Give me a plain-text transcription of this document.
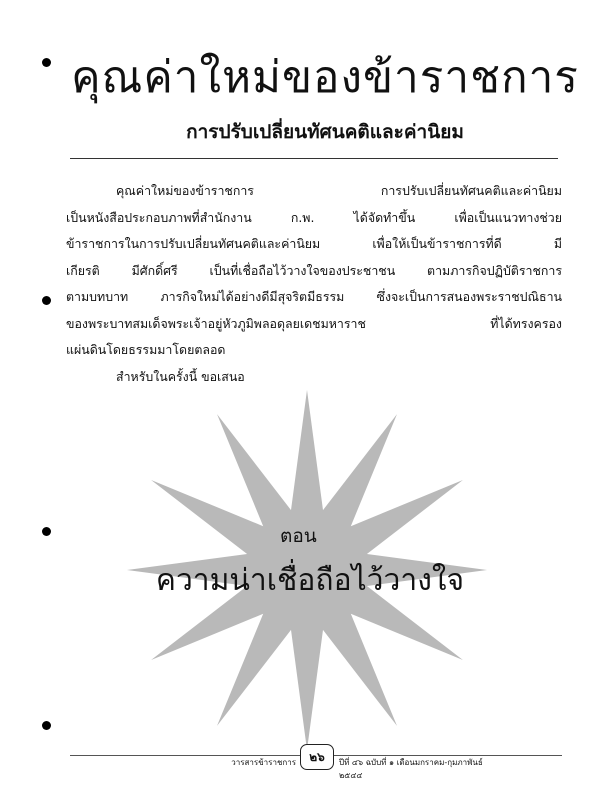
คุณค่าใหม่ของข้าราชการ
การปรับเปลี่ยนทัศนคติและค่านิยม

คุณค่าใหม่ของข้าราชการ การปรับเปลี่ยนทัศนคติและค่านิยม

เป็นหนังสือประกอบภาพที่สำนักงาน ก.พ. ได้จัดทำขึ้น เพื่อเป็นแนวทางช่วย

ข้าราชการในการปรับเปลี่ยนทัศนคติและค่านิยม เพื่อให้เป็นข้าราชการที่ดี มี

เกียรติ มีศักดิ์ศรี เป็นที่เชื่อถือไว้วางใจของประชาชน ตามภารกิจปฏิบัติราชการ

ตามบทบาท ภารกิจใหม่ได้อย่างดีมีสุจริตมีธรรม ซึ่งจะเป็นการสนองพระราชปณิธาน

ของพระบาทสมเด็จพระเจ้าอยู่หัวภูมิพลอดุลยเดชมหาราช ที่ได้ทรงครอง

แผ่นดินโดยธรรมมาโดยตลอด

สำหรับในครั้งนี้ ขอเสนอ

ตอน
ความน่าเชื่อถือไว้วางใจ
วารสารข้าราชการ	๒๖	ปีที่ ๔๖ ฉบับที่ ๑ เดือนมกราคม-กุมภาพันธ์ ๒๕๔๔
